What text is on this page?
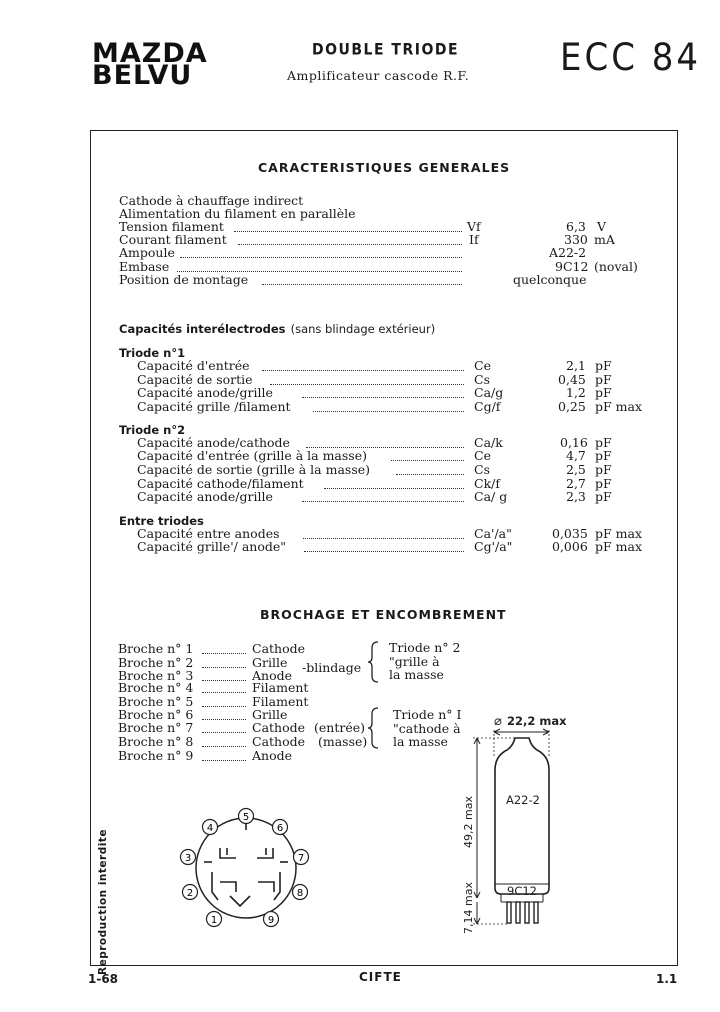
MAZDA
BELVU
DOUBLE TRIODE
Amplificateur cascode R.F.	ECC 84
CARACTERISTIQUES GENERALES
Cathode à chauffage indirect
Alimentation du filament en parallèle
Tension filament	Vf	6,3 V
Courant filament	If	330 mA
Ampoule	A22-2
Embase	9C12 (noval)
Position de montage	quelconque
Capacités interélectrodes (sans blindage extérieur)
Triode n°1
Capacité d'entrée	Ce	2,1 pF
Capacité de sortie	Cs	0,45 pF
Capacité anode/grille	Ca/g	1,2 pF
Capacité grille /filament	Cg/f	0,25 pF max
Triode n°2
Capacité anode/cathode	Ca/k	0,16 pF
Capacité d'entrée (grille à la masse)	Ce	4,7 pF
Capacité de sortie (grille à la masse)	Cs	2,5 pF
Capacité cathode/filament	Ck/f	2,7 pF
Capacité anode/grille	Ca/ g	2,3 pF
Entre triodes
Capacité entre anodes	Ca'/a"	0,035 pF max
Capacité grille'/ anode"	Cg'/a"	0,006 pF max
BROCHAGE ET ENCOMBREMENT
Broche n° 1	Cathode
Broche n° 2	Grille
Broche n° 3	Anode
Broche n° 4	Filament
Broche n° 5	Filament
Broche n° 6	Grille
Broche n° 7	Cathode (entrée)
Broche n° 8	Cathode (masse)
Broche n° 9	Anode
-blindage
Triode n° 2
"grille à
la masse
Triode n° I
"cathode à
la masse
1
2
3
4
5
6
7
8
9
⌀ 22,2 max
A22-2
9C12
49,2 max
7,14 max
Reproduction interdite
1-68	CIFTE	1.1
